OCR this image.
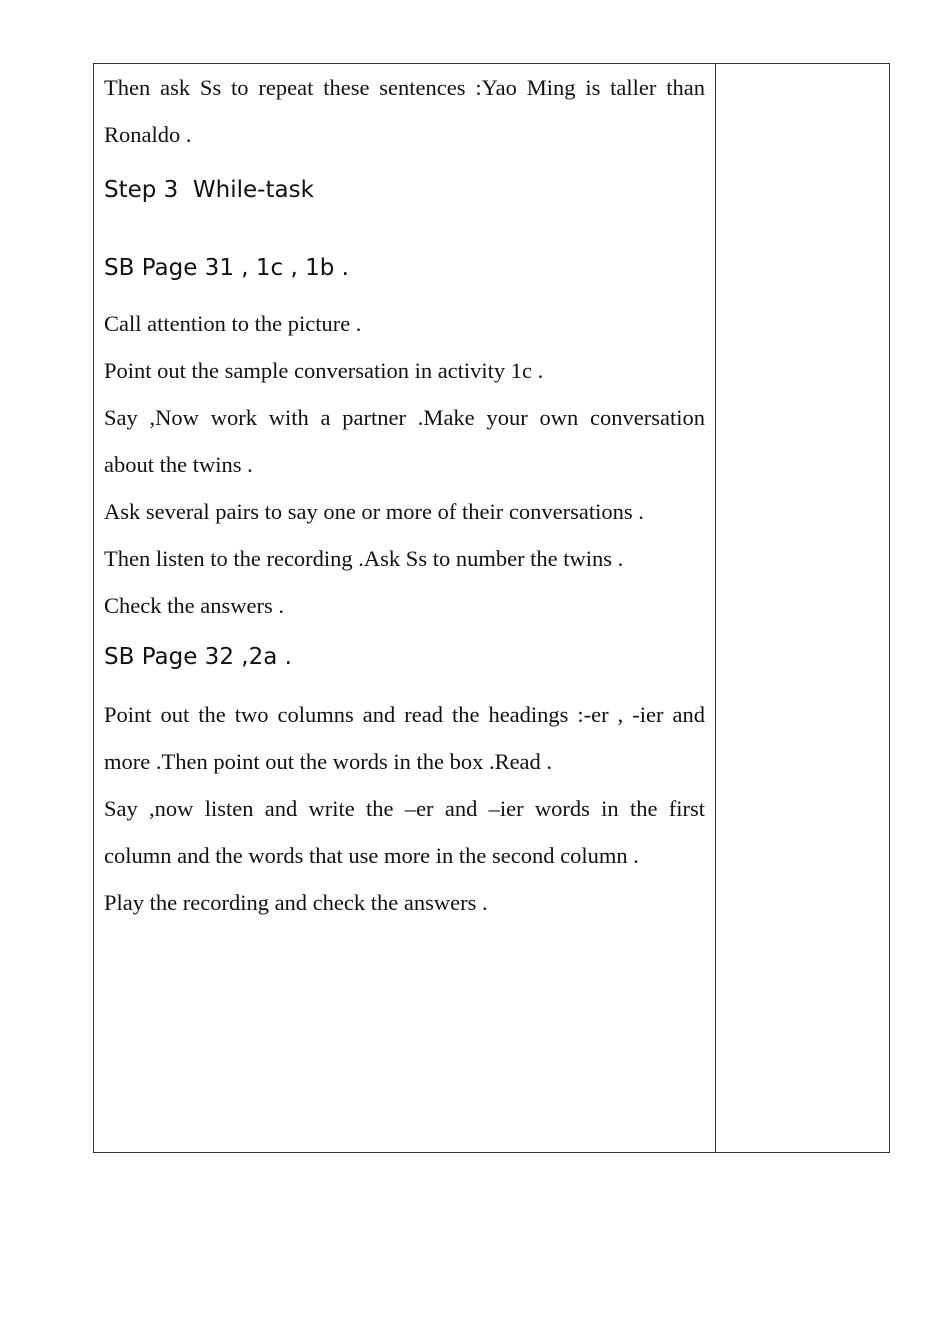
Then ask Ss to repeat these sentences :Yao Ming is taller than Ronaldo .

Step 3  While-task
SB Page 31 , 1c , 1b .

Call attention to the picture .

Point out the sample conversation in activity 1c .

Say ,Now work with a partner .Make your own conversation about the twins .

Ask several pairs to say one or more of their conversations .

Then listen to the recording .Ask Ss to number the twins .

Check the answers .

SB Page 32 ,2a .

Point out the two columns and read the headings :-er , -ier and more .Then point out the words in the box .Read .

Say ,now listen and write the –er and –ier words in the first column and the words that use more in the second column .

Play the recording and check the answers .
